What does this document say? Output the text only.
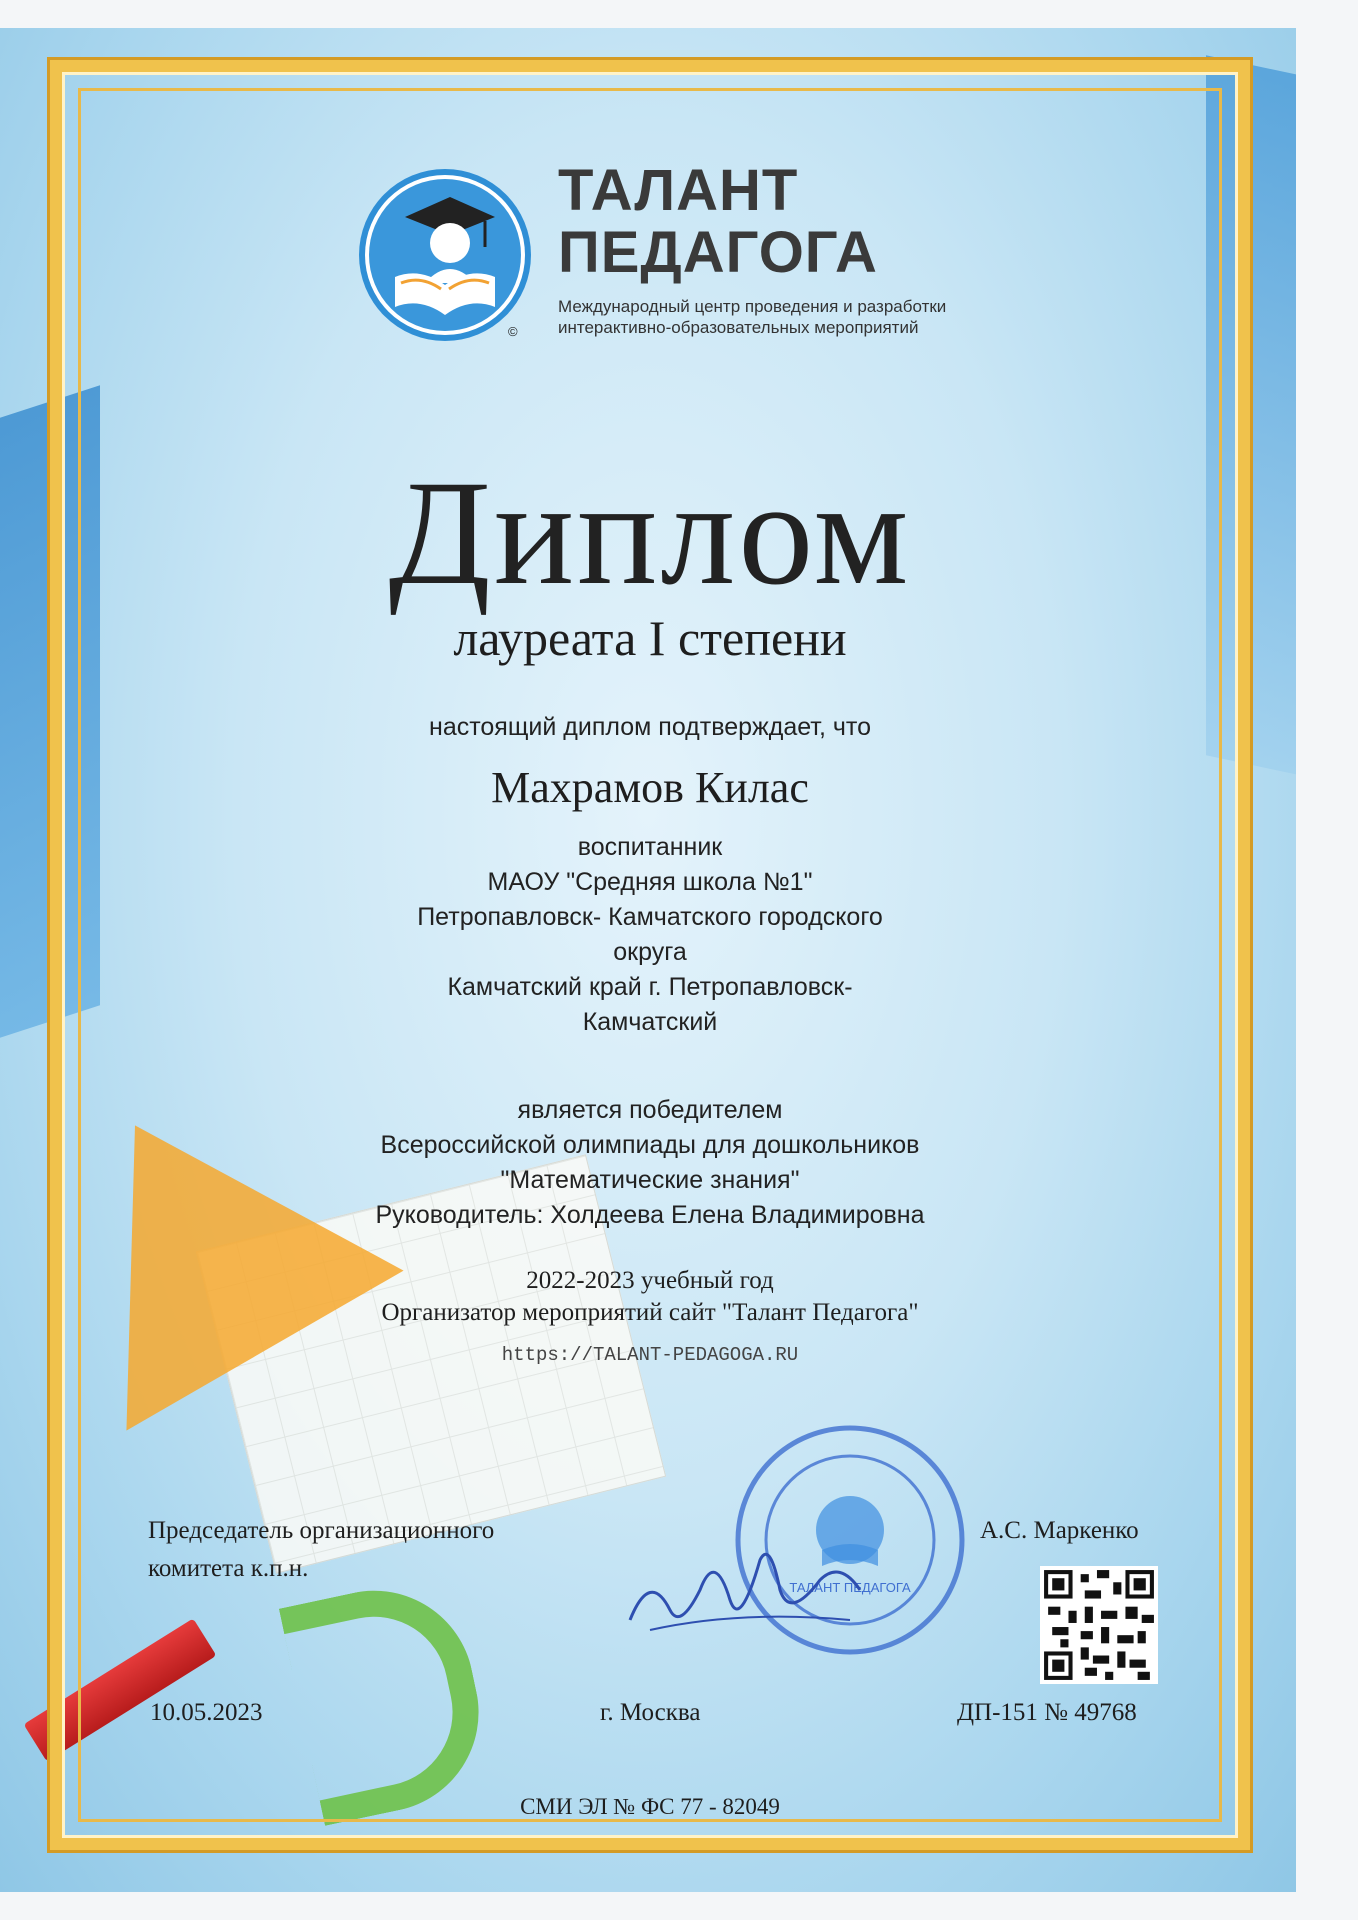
ТАЛАНТ
ПЕДАГОГА
Международный центр проведения и разработки
интерактивно-образовательных мероприятий
©
Диплом
лауреата I степени
настоящий диплом подтверждает, что
Махрамов Килас
воспитанник
МАОУ "Средняя школа №1"
Петропавловск- Камчатского городского
округа
Камчатский край г. Петропавловск-
Камчатский
является победителем
Всероссийской олимпиады для дошкольников
"Математические знания"
Руководитель: Холдеева Елена Владимировна
2022-2023 учебный год
Организатор мероприятий сайт "Талант Педагога"
https://TALANT-PEDAGOGA.RU
ТАЛАНТ ПЕДАГОГА
Председатель организационного
комитета к.п.н.
А.С. Маркенко
10.05.2023	г. Москва	ДП-151 № 49768
СМИ ЭЛ № ФС 77 - 82049
